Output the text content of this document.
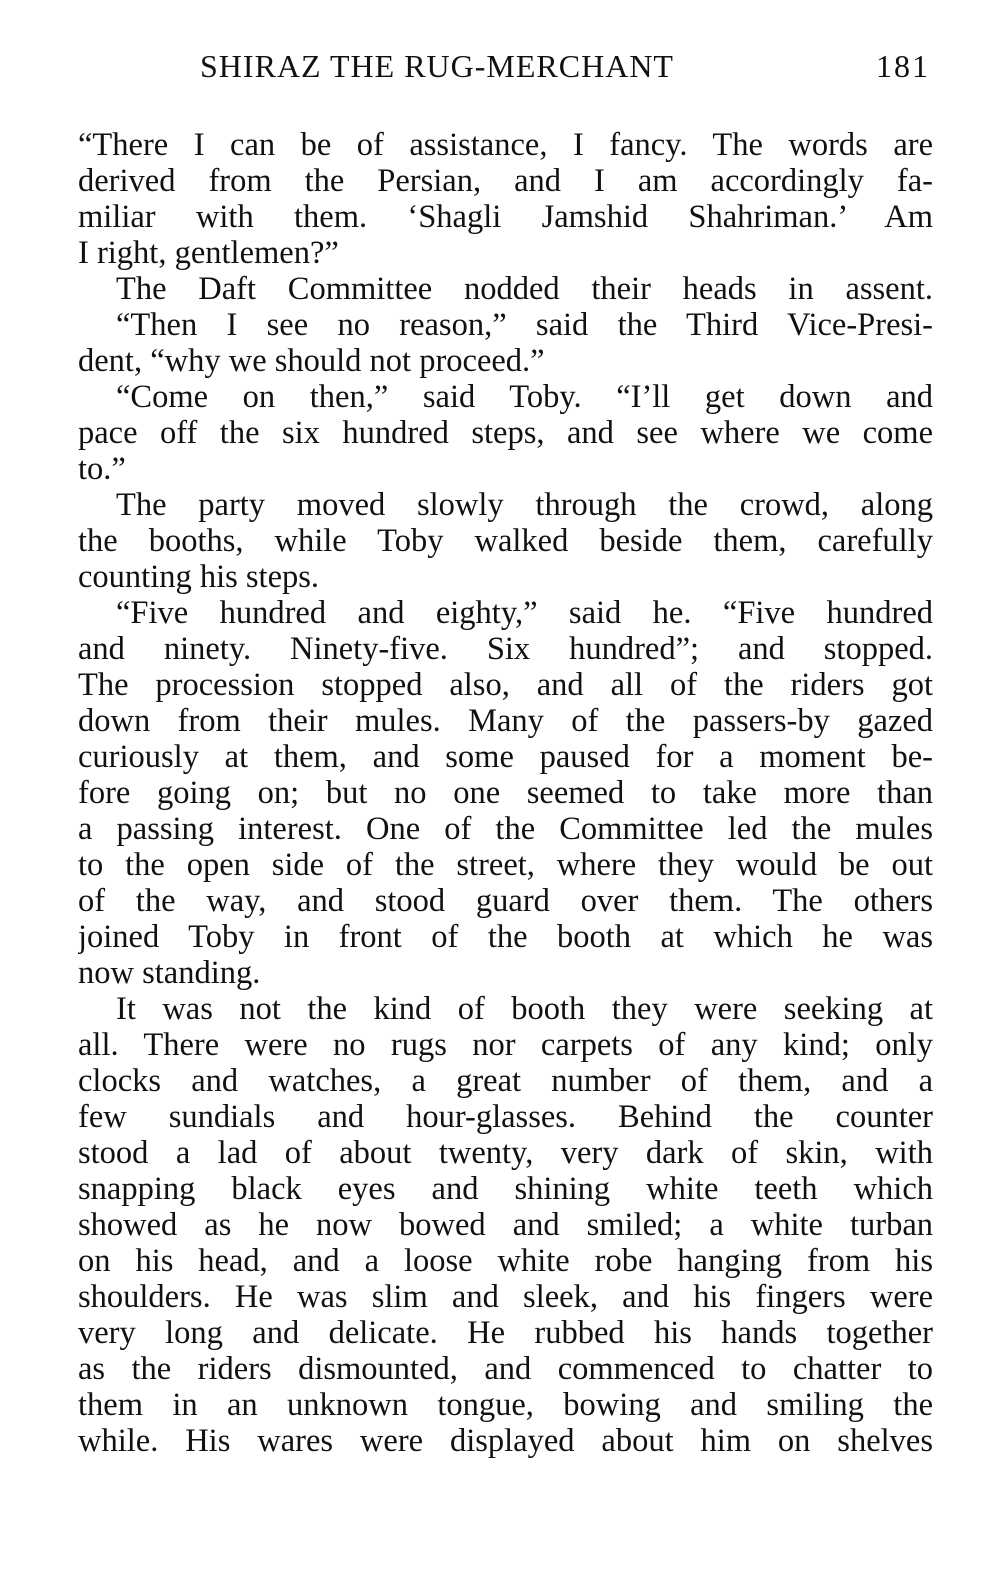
SHIRAZ THE RUG-MERCHANT	181
“There I can be of assistance, I fancy. The words are
derived from the Persian, and I am accordingly fa-
miliar with them. ‘Shagli Jamshid Shahriman.’ Am
I right, gentlemen?”
The Daft Committee nodded their heads in assent.
“Then I see no reason,” said the Third Vice-Presi-
dent, “why we should not proceed.”
“Come on then,” said Toby. “I’ll get down and
pace off the six hundred steps, and see where we come
to.”
The party moved slowly through the crowd, along
the booths, while Toby walked beside them, carefully
counting his steps.
“Five hundred and eighty,” said he. “Five hundred
and ninety. Ninety-five. Six hundred”; and stopped.
The procession stopped also, and all of the riders got
down from their mules. Many of the passers-by gazed
curiously at them, and some paused for a moment be-
fore going on; but no one seemed to take more than
a passing interest. One of the Committee led the mules
to the open side of the street, where they would be out
of the way, and stood guard over them. The others
joined Toby in front of the booth at which he was
now standing.
It was not the kind of booth they were seeking at
all. There were no rugs nor carpets of any kind; only
clocks and watches, a great number of them, and a
few sundials and hour-glasses. Behind the counter
stood a lad of about twenty, very dark of skin, with
snapping black eyes and shining white teeth which
showed as he now bowed and smiled; a white turban
on his head, and a loose white robe hanging from his
shoulders. He was slim and sleek, and his fingers were
very long and delicate. He rubbed his hands together
as the riders dismounted, and commenced to chatter to
them in an unknown tongue, bowing and smiling the
while. His wares were displayed about him on shelves
